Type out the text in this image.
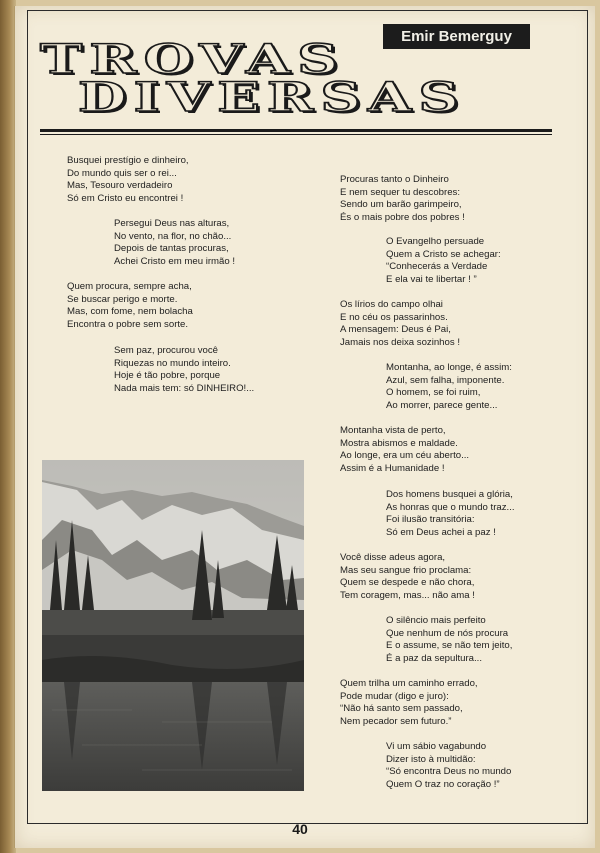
Emir Bemerguy
TROVAS
DIVERSAS
Busquei prestígio e dinheiro,
Do mundo quis ser o rei...
Mas, Tesouro verdadeiro
Só em Cristo eu encontrei !
Persegui Deus nas alturas,
No vento, na flor, no chão...
Depois de tantas procuras,
Achei Cristo em meu irmão !
Quem procura, sempre acha,
Se buscar perigo e morte.
Mas, com fome, nem bolacha
Encontra o pobre sem sorte.
Sem paz, procurou você
Riquezas no mundo inteiro.
Hoje é tão pobre, porque
Nada mais tem: só DINHEIRO!...
Procuras tanto o Dinheiro
E nem sequer tu descobres:
Sendo um barão garimpeiro,
És o mais pobre dos pobres !
O Evangelho persuade
Quem a Cristo se achegar:
“Conhecerás a Verdade
E ela vai te libertar ! ”
Os lírios do campo olhai
E no céu os passarinhos.
A mensagem: Deus é Pai,
Jamais nos deixa sozinhos !
Montanha, ao longe, é assim:
Azul, sem falha, imponente.
O homem, se foi ruim,
Ao morrer, parece gente...
Montanha vista de perto,
Mostra abismos e maldade.
Ao longe, era um céu aberto...
Assim é a Humanidade !
Dos homens busquei a glória,
As honras que o mundo traz...
Foi ilusão transitória:
Só em Deus achei a paz !
Você disse adeus agora,
Mas seu sangue frio proclama:
Quem se despede e não chora,
Tem coragem, mas... não ama !
O silêncio mais perfeito
Que nenhum de nós procura
E o assume, se não tem jeito,
É a paz da sepultura...
Quem trilha um caminho errado,
Pode mudar (digo e juro):
“Não há santo sem passado,
Nem pecador sem futuro.”
Vi um sábio vagabundo
Dizer isto à multidão:
“Só encontra Deus no mundo
Quem O traz no coração !”
40
